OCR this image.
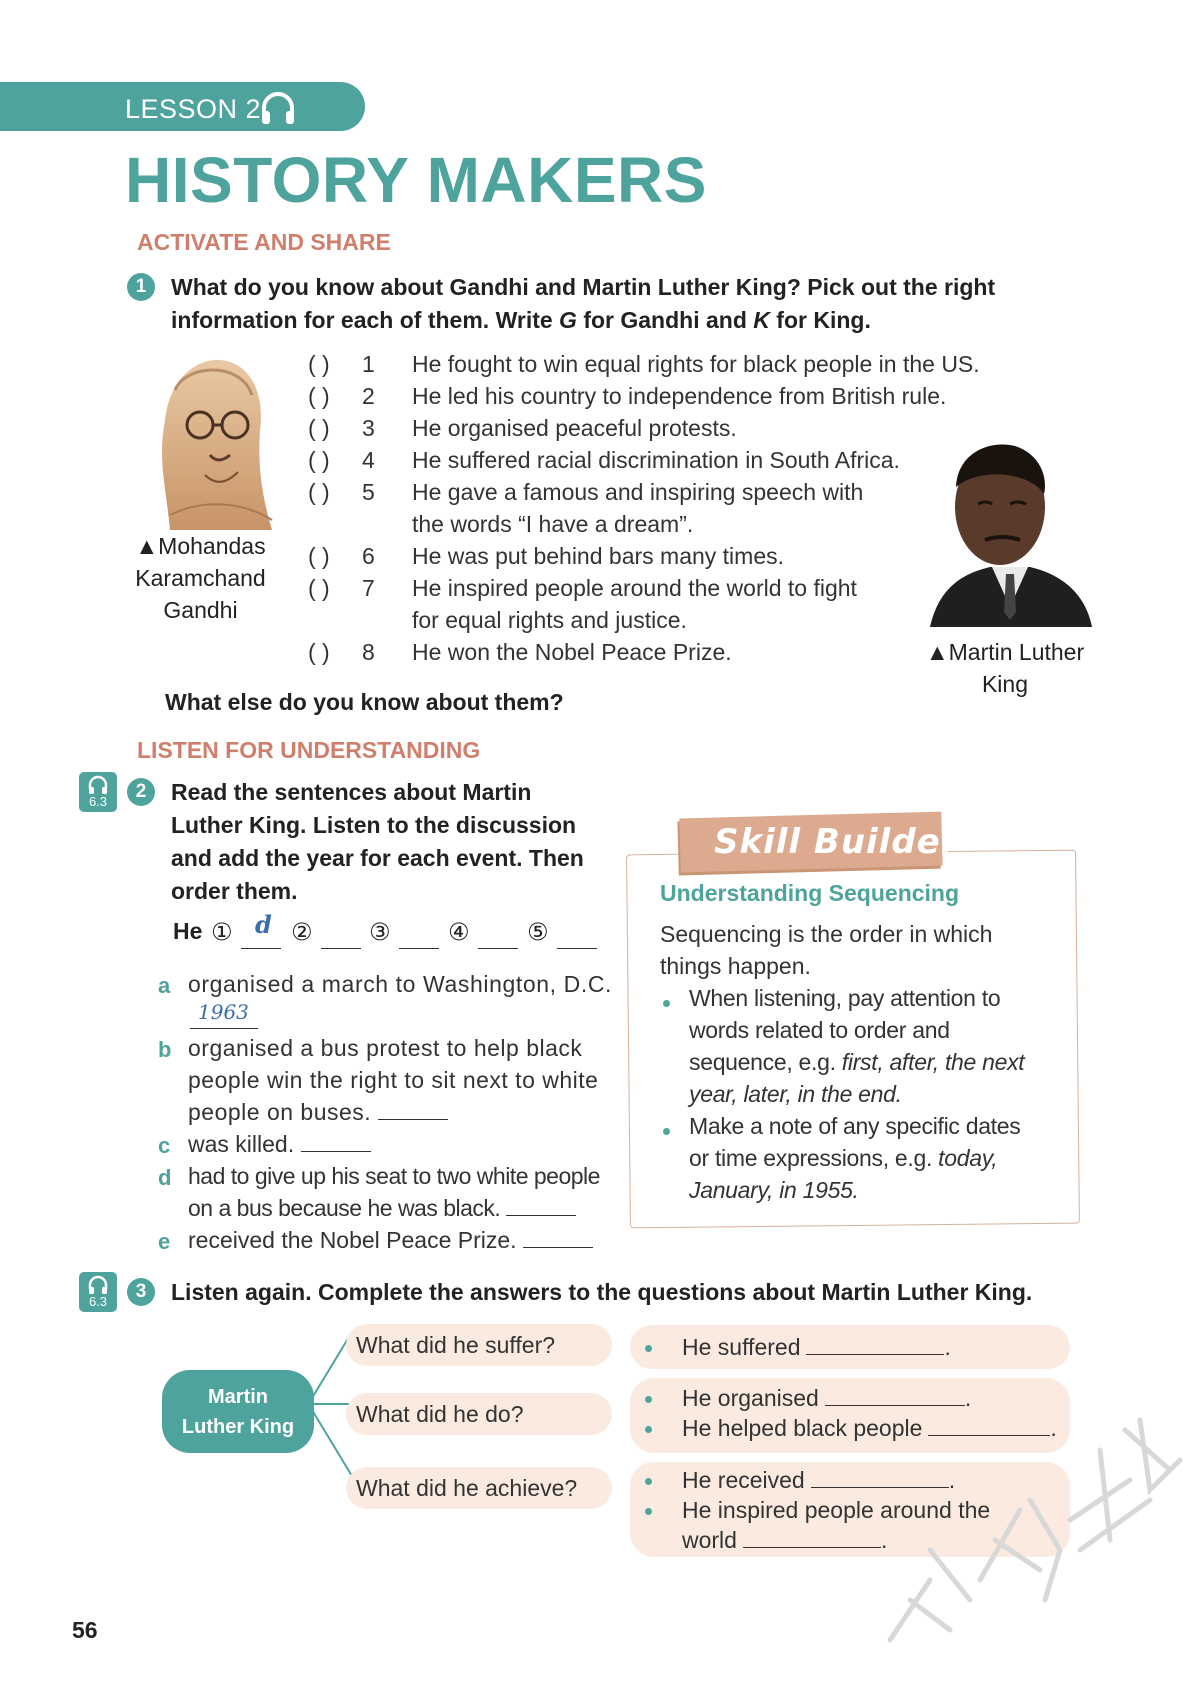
LESSON 2
HISTORY MAKERS
ACTIVATE AND SHARE
1	What do you know about Gandhi and Martin Luther King? Pick out the right
information for each of them. Write G for Gandhi and K for King.
▲Mohandas
Karamchand
Gandhi
( ) 1 He fought to win equal rights for black people in the US.
( ) 2 He led his country to independence from British rule.
( ) 3 He organised peaceful protests.
( ) 4 He suffered racial discrimination in South Africa.
( ) 5 He gave a famous and inspiring speech with
the words “I have a dream”.
( ) 6 He was put behind bars many times.
( ) 7 He inspired people around the world to fight
for equal rights and justice.
( ) 8 He won the Nobel Peace Prize.	▲Martin Luther
King
What else do you know about them?
LISTEN FOR UNDERSTANDING
6.3	2	Read the sentences about Martin
Luther King. Listen to the discussion
and add the year for each event. Then
order them.
He ① d ② ③ ④ ⑤
a organised a march to Washington, D.C.
1963
b organised a bus protest to help black
people win the right to sit next to white
people on buses.
c was killed.
d had to give up his seat to two white people
on a bus because he was black.
e received the Nobel Peace Prize.
Skill Builder
Understanding Sequencing
Sequencing is the order in which
things happen.
When listening, pay attention to
words related to order and
sequence, e.g. first, after, the next
year, later, in the end.
Make a note of any specific dates
or time expressions, e.g. today,
January, in 1955.
6.3	3	Listen again. Complete the answers to the questions about Martin Luther King.
Martin
Luther King
What did he suffer?
What did he do?
What did he achieve?
He suffered	.
He organised	.
He helped black people	.
He received	.
He inspired people around the
world	.
56
